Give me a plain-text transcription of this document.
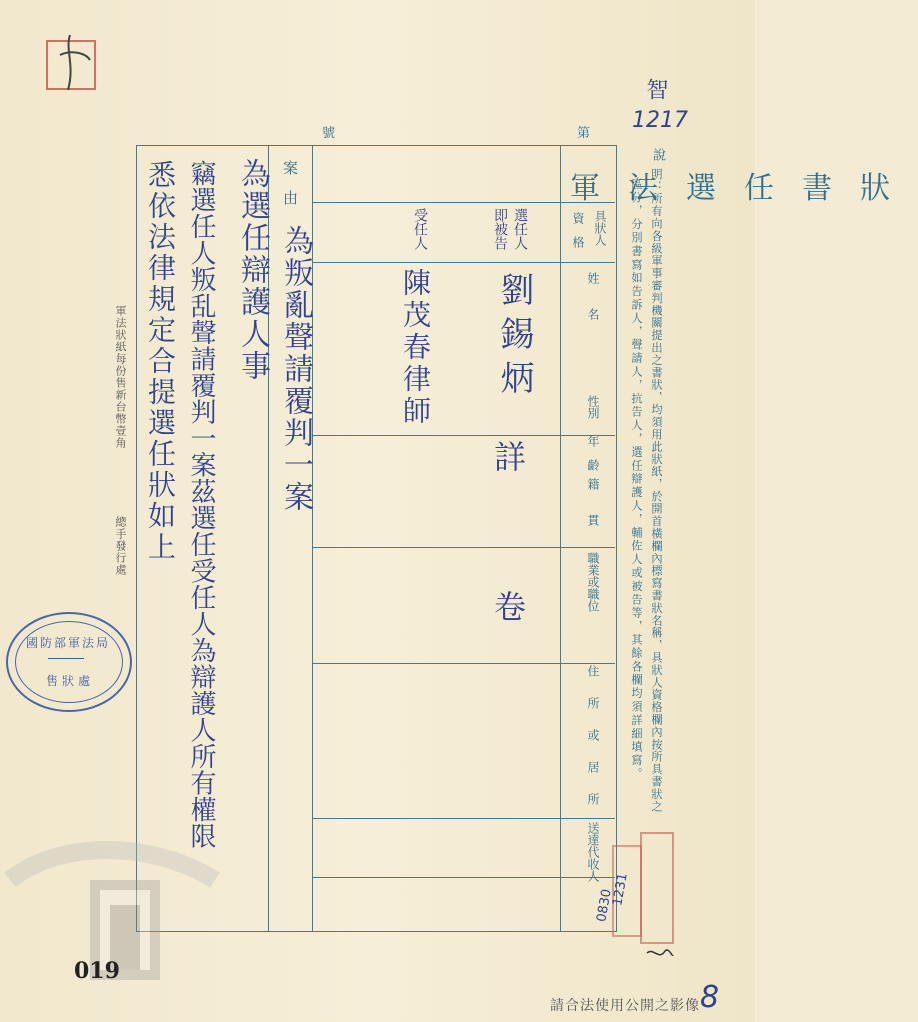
智
1217
號	第
軍法選任書狀
具狀人
資　格
姓　　名
性別
年　齡
籍　　貫
職業或職位
住　所　或　居　所
送達代收人
選任人
即被告
劉錫炳
受任人
陳茂春律師
詳
卷
案　由
為叛亂聲請覆判一案
為選任辯護人事
竊選任人叛乱聲請覆判一案茲選任受任人為辯護人所有權限
悉依法律規定合提選任狀如上
說
明：所有向各級軍事審判機關提出之書狀，均須用此狀紙，於開首橫欄內標寫書狀名稱，具狀人資格欄內按所具書狀之
區分，分別書寫如告訴人，聲請人，抗告人，選任辯護人，輔佐人或被告等，其餘各欄均須詳細填寫。
軍法狀紙每份售新台幣壹角
總手發行處
國防部軍法局
售狀處
1231
0830
019
請合法使用公開之影像 8
